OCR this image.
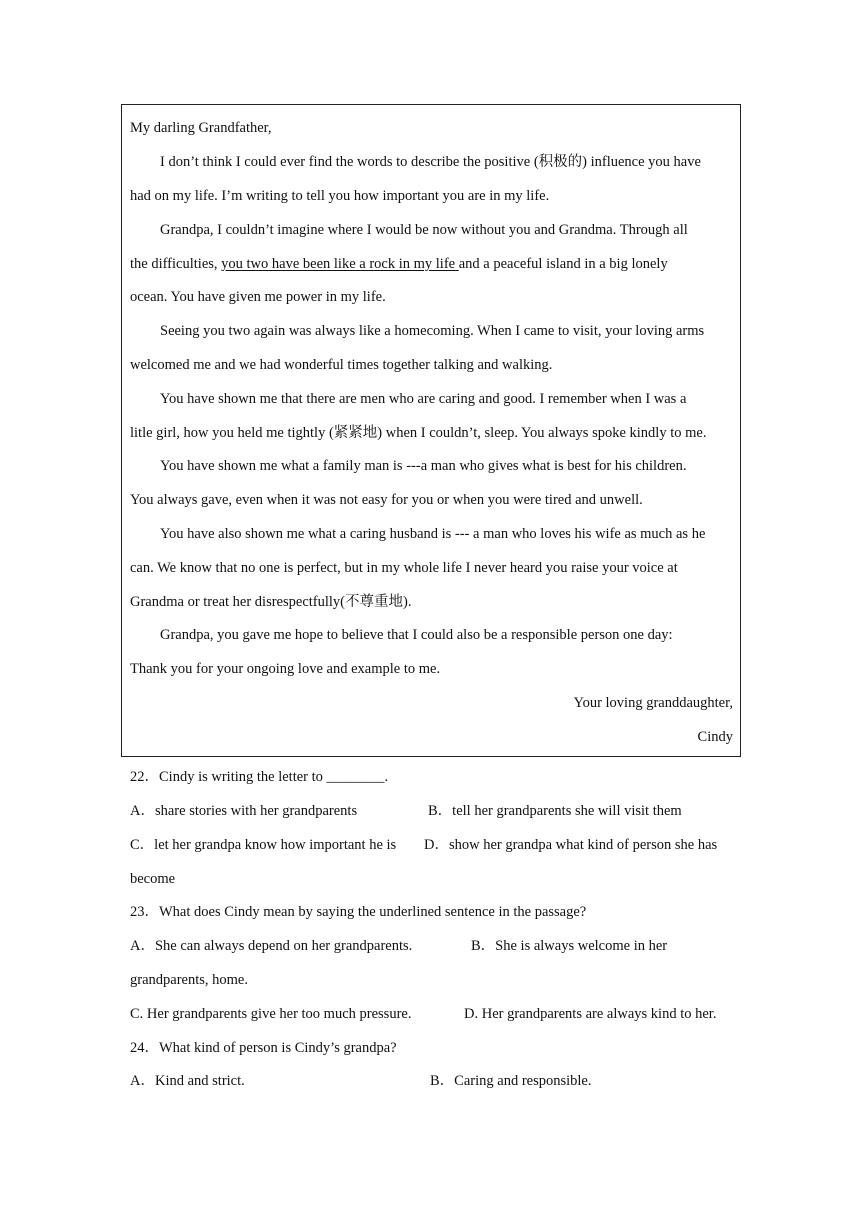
My darling Grandfather,
I don’t think I could ever find the words to describe the positive (积极的) influence you have
had on my life. I’m writing to tell you how important you are in my life.
Grandpa, I couldn’t imagine where I would be now without you and Grandma. Through all
the difficulties, you two have been like a rock in my life and a peaceful island in a big lonely
ocean. You have given me power in my life.
Seeing you two again was always like a homecoming. When I came to visit, your loving arms
welcomed me and we had wonderful times together talking and walking.
You have shown me that there are men who are caring and good. I remember when I was a
litle girl, how you held me tightly (紧紧地) when I couldn’t, sleep. You always spoke kindly to me.
You have shown me what a family man is ---a man who gives what is best for his children.
You always gave, even when it was not easy for you or when you were tired and unwell.
You have also shown me what a caring husband is --- a man who loves his wife as much as he
can. We know that no one is perfect, but in my whole life I never heard you raise your voice at
Grandma or treat her disrespectfully(不尊重地).
Grandpa, you gave me hope to believe that I could also be a responsible person one day:
Thank you for your ongoing love and example to me.
Your loving granddaughter,
Cindy
22．Cindy is writing the letter to ________.
A．share stories with her grandparents	B．tell her grandparents she will visit them
C．let her grandpa know how important he is D．show her grandpa what kind of person she has
become
23．What does Cindy mean by saying the underlined sentence in the passage?
A．She can always depend on her grandparents.	B．She is always welcome in her
grandparents, home.
C. Her grandparents give her too much pressure.	D. Her grandparents are always kind to her.
24．What kind of person is Cindy’s grandpa?
A．Kind and strict.	B．Caring and responsible.
